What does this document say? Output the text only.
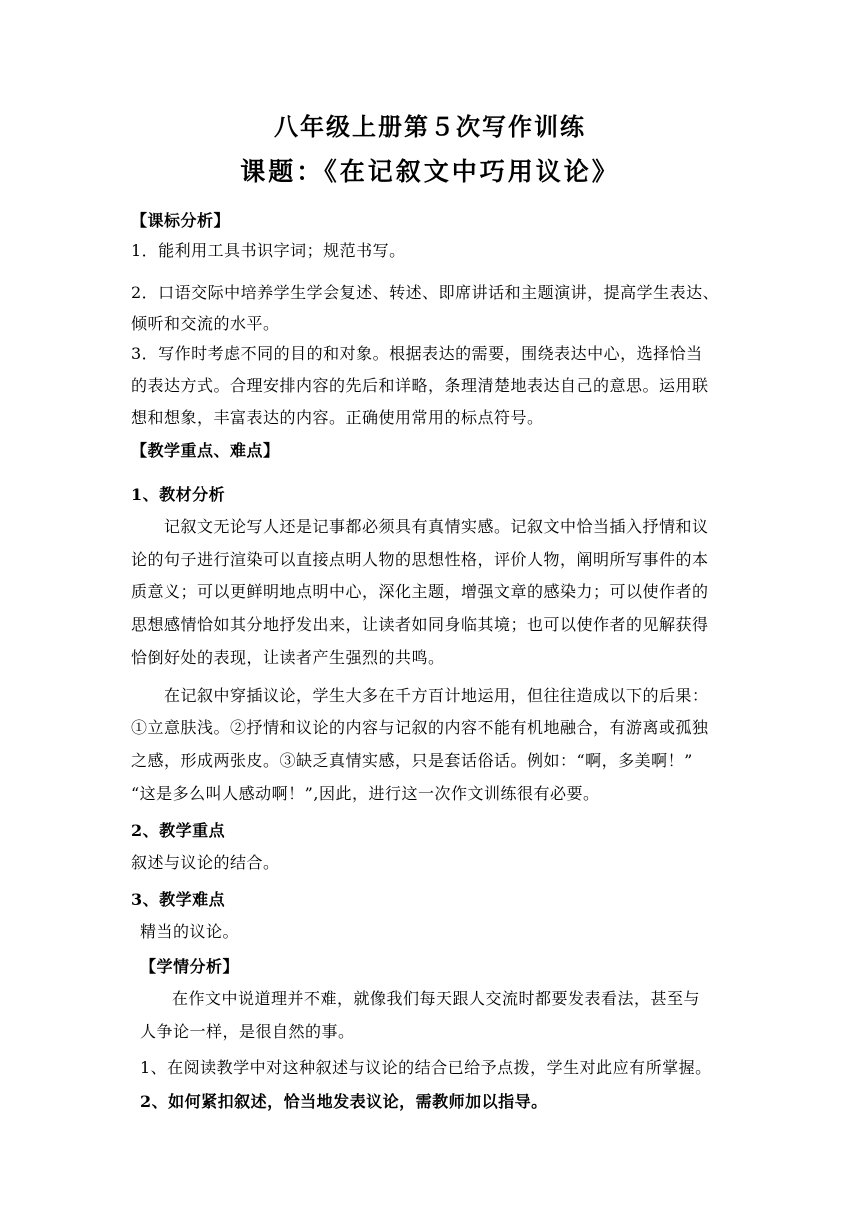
八年级上册第５次写作训练
课题：《在记叙文中巧用议论》
【课标分析】
1．能利用工具书识字词；规范书写。
2．口语交际中培养学生学会复述、转述、即席讲话和主题演讲，提高学生表达、
倾听和交流的水平。
3．写作时考虑不同的目的和对象。根据表达的需要，围绕表达中心，选择恰当
的表达方式。合理安排内容的先后和详略，条理清楚地表达自己的意思。运用联
想和想象，丰富表达的内容。正确使用常用的标点符号。
【教学重点、难点】
1、教材分析
记叙文无论写人还是记事都必须具有真情实感。记叙文中恰当插入抒情和议
论的句子进行渲染可以直接点明人物的思想性格，评价人物，阐明所写事件的本
质意义；可以更鲜明地点明中心，深化主题，增强文章的感染力；可以使作者的
思想感情恰如其分地抒发出来，让读者如同身临其境；也可以使作者的见解获得
恰倒好处的表现，让读者产生强烈的共鸣。
在记叙中穿插议论，学生大多在千方百计地运用，但往往造成以下的后果：
①立意肤浅。②抒情和议论的内容与记叙的内容不能有机地融合，有游离或孤独
之感，形成两张皮。③缺乏真情实感，只是套话俗话。例如：“啊，多美啊！”
“这是多么叫人感动啊！”,因此，进行这一次作文训练很有必要。
2、教学重点
叙述与议论的结合。
3、教学难点
精当的议论。
【学情分析】
在作文中说道理并不难，就像我们每天跟人交流时都要发表看法，甚至与
人争论一样，是很自然的事。
1、在阅读教学中对这种叙述与议论的结合已给予点拨，学生对此应有所掌握。
2、如何紧扣叙述，恰当地发表议论，需教师加以指导。
